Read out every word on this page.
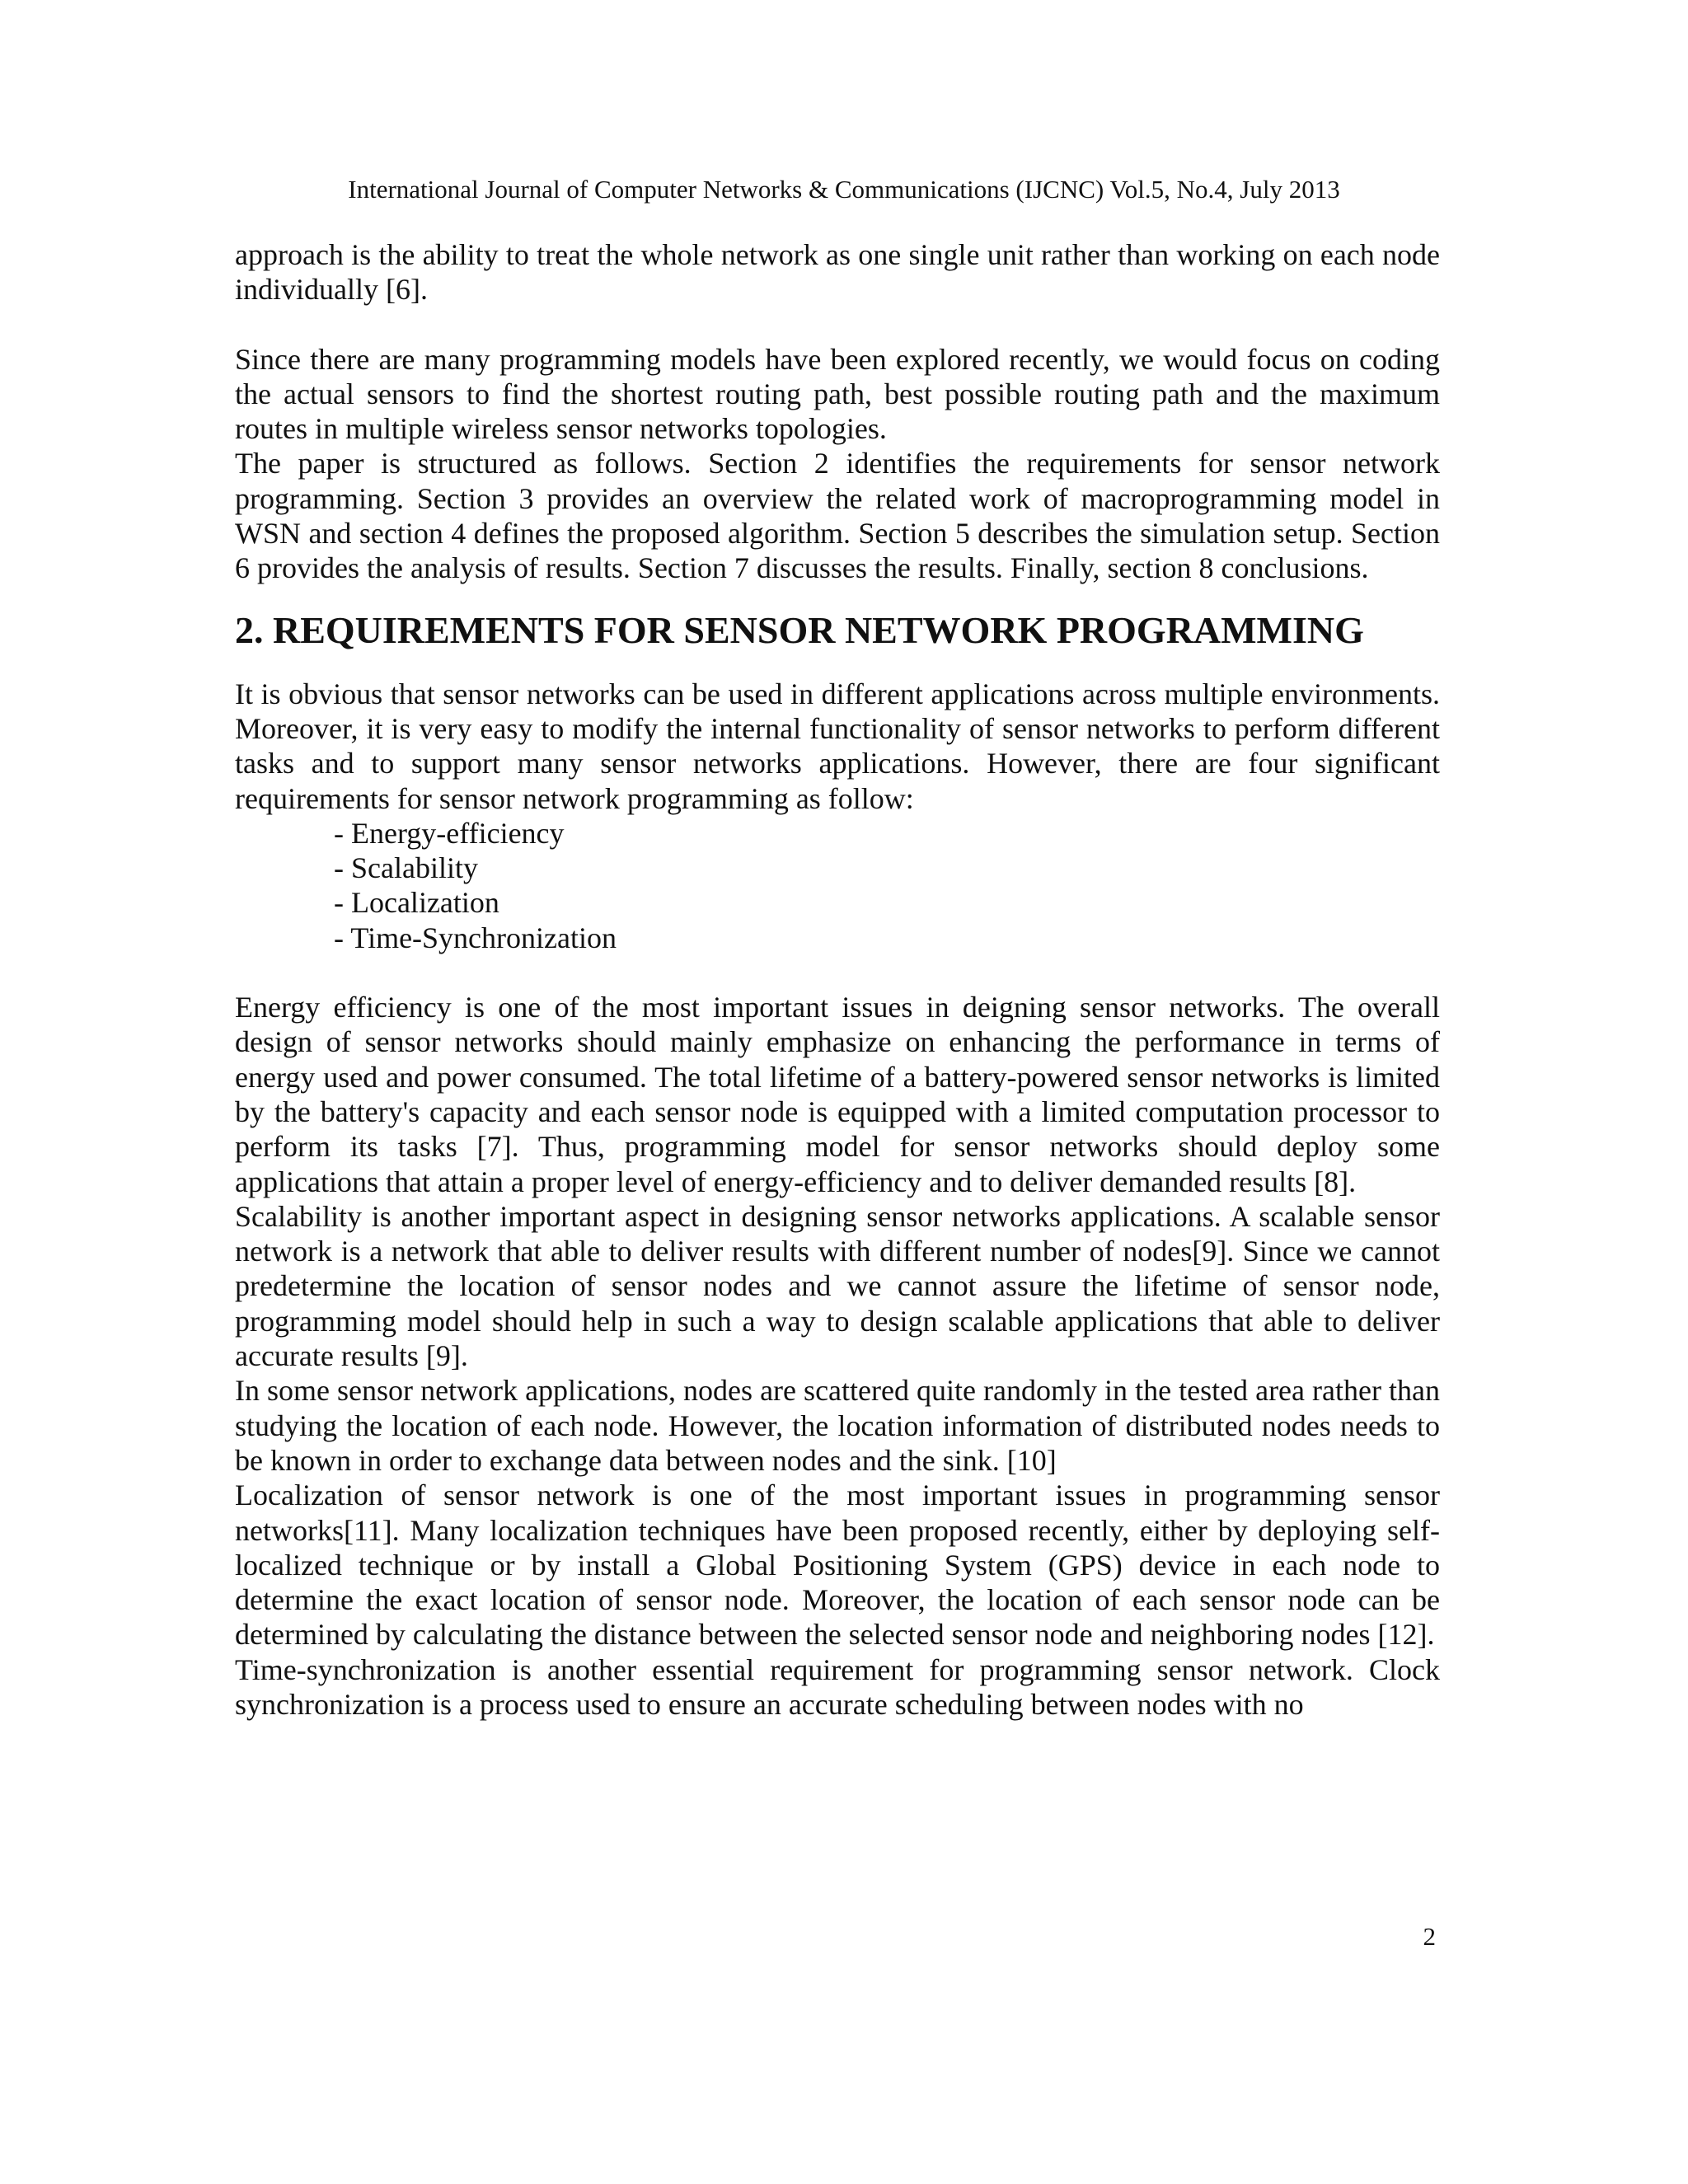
International Journal of Computer Networks & Communications (IJCNC) Vol.5, No.4, July 2013

approach is the ability to treat the whole network as one single unit rather than working on each node individually [6].

Since there are many programming models have been explored recently, we would focus on coding the actual sensors to find the shortest routing path, best possible routing path and the maximum routes in multiple wireless sensor networks topologies.

The paper is structured as follows. Section 2 identifies the requirements for sensor network programming. Section 3 provides an overview the related work of macroprogramming model in WSN and section 4 defines the proposed algorithm. Section 5 describes the simulation setup. Section 6 provides the analysis of results. Section 7 discusses the results. Finally, section 8 conclusions.

2. REQUIREMENTS FOR SENSOR NETWORK PROGRAMMING

It is obvious that sensor networks can be used in different applications across multiple environments. Moreover, it is very easy to modify the internal functionality of sensor networks to perform different tasks and to support many sensor networks applications. However, there are four significant requirements for sensor network programming as follow:

- Energy-efficiency
- Scalability
- Localization
- Time-Synchronization

Energy efficiency is one of the most important issues in deigning sensor networks. The overall design of sensor networks should mainly emphasize on enhancing the performance in terms of energy used and power consumed. The total lifetime of a battery-powered sensor networks is limited by the battery's capacity and each sensor node is equipped with a limited computation processor to perform its tasks [7]. Thus, programming model for sensor networks should deploy some applications that attain a proper level of energy-efficiency and to deliver demanded results [8].

Scalability is another important aspect in designing sensor networks applications. A scalable sensor network is a network that able to deliver results with different number of nodes[9]. Since we cannot predetermine the location of sensor nodes and we cannot assure the lifetime of sensor node, programming model should help in such a way to design scalable applications that able to deliver accurate results [9].

In some sensor network applications, nodes are scattered quite randomly in the tested area rather than studying the location of each node. However, the location information of distributed nodes needs to be known in order to exchange data between nodes and the sink. [10]

Localization of sensor network is one of the most important issues in programming sensor networks[11]. Many localization techniques have been proposed recently, either by deploying self-localized technique or by install a Global Positioning System (GPS) device in each node to determine the exact location of sensor node. Moreover, the location of each sensor node can be determined by calculating the distance between the selected sensor node and neighboring nodes [12].

Time-synchronization is another essential requirement for programming sensor network. Clock synchronization is a process used to ensure an accurate scheduling between nodes with no

2
